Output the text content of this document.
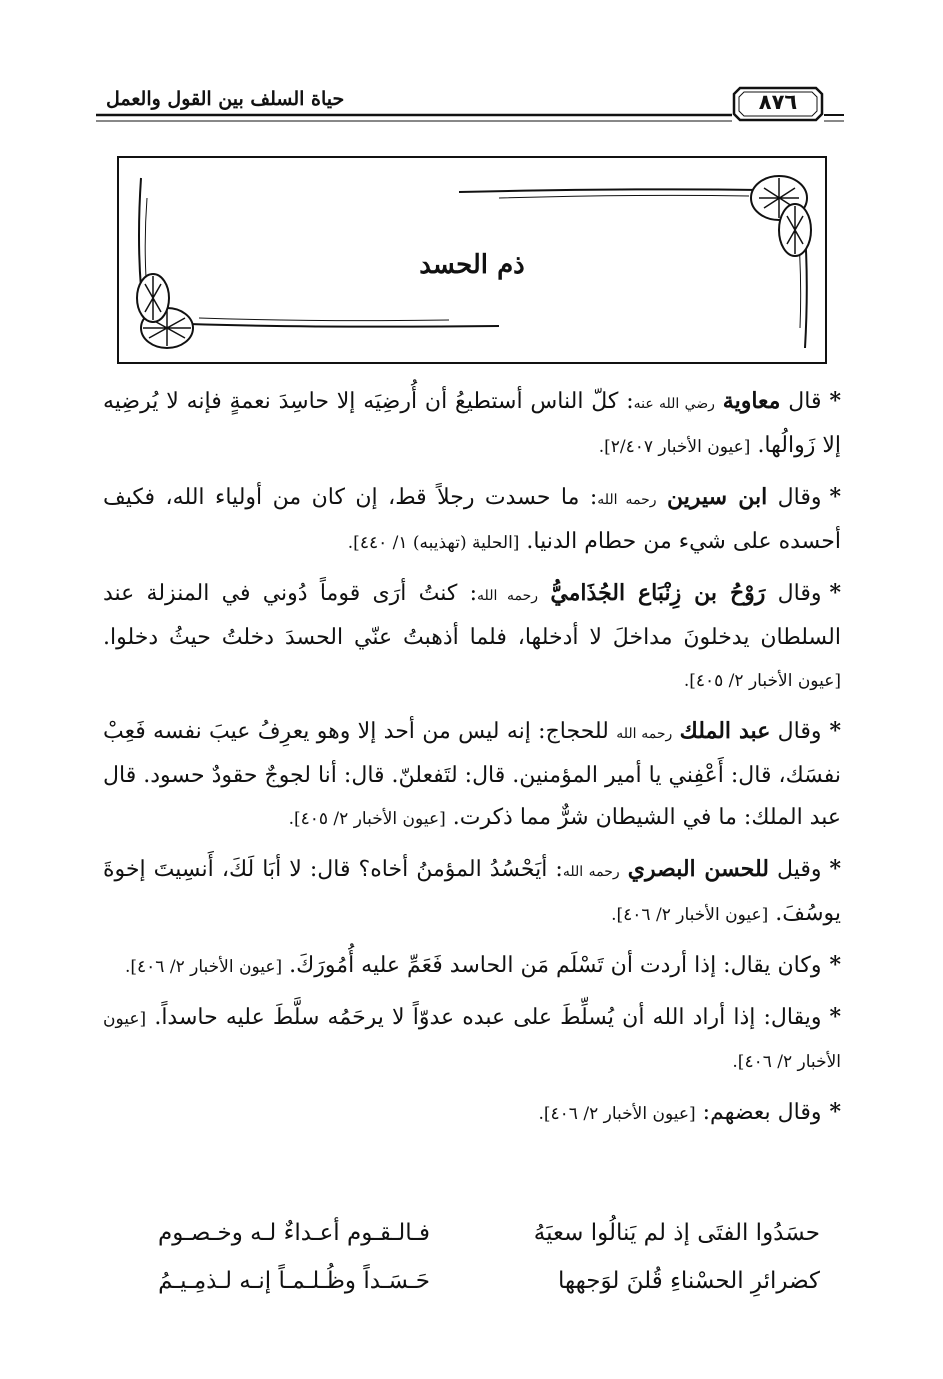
حياة السلف بين القول والعمل	٨٧٦
ذم الحسد

*قال معاوية رضي الله عنه: كلّ الناس أستطيعُ أن أُرضِيَه إلا حاسِدَ نعمةٍ فإنه لا يُرضِيه إلا زَوالُها. [عيون الأخبار ٢/٤٠٧].

*وقال ابن سيرين رحمه الله: ما حسدت رجلاً قط، إن كان من أولياء الله، فكيف أحسده على شيء من حطام الدنيا. [الحلية (تهذيبه) ١/ ٤٤٠].

*وقال رَوْحُ بن زِنْبَاع الجُذَاميُّ رحمه الله: كنتُ أرَى قوماً دُوني في المنزلة عند السلطان يدخلونَ مداخلَ لا أدخلها، فلما أذهبتُ عنّي الحسدَ دخلتُ حيثُ دخلوا. [عيون الأخبار ٢/ ٤٠٥].

*وقال عبد الملك رحمه الله للحجاج: إنه ليس من أحد إلا وهو يعرِفُ عيبَ نفسه فَعِبْ نفسَك، قال: أَعْفِني يا أمير المؤمنين. قال: لتَفعلنّ. قال: أنا لجوجٌ حقودٌ حسود. قال عبد الملك: ما في الشيطان شرٌّ مما ذكرت. [عيون الأخبار ٢/ ٤٠٥].

*وقيل للحسن البصري رحمه الله: أيَحْسُدُ المؤمنُ أخاه؟ قال: لا أبَا لَكَ، أَنسِيتَ إخوةَ يوسُفَ. [عيون الأخبار ٢/ ٤٠٦].

*وكان يقال: إذا أردت أن تَسْلَم مَن الحاسد فَعَمِّ عليه أُمُورَكَ. [عيون الأخبار ٢/ ٤٠٦].

*ويقال: إذا أراد الله أن يُسلِّطَ على عبده عدوّاً لا يرحَمُه سلَّطَ عليه حاسداً. [عيون الأخبار ٢/ ٤٠٦].

*وقال بعضهم: [عيون الأخبار ٢/ ٤٠٦].

حسَدُوا الفتَى إذ لم يَنالُوا سعيَهُ
فـالـقـوم أعـداءٌ لـه وخـصـوم
كضرائرِ الحسْناءِ قُلنَ لوَجهها
حَـسَـداً وظُـلـمـاً إنـه لـذمِـيـمُ
